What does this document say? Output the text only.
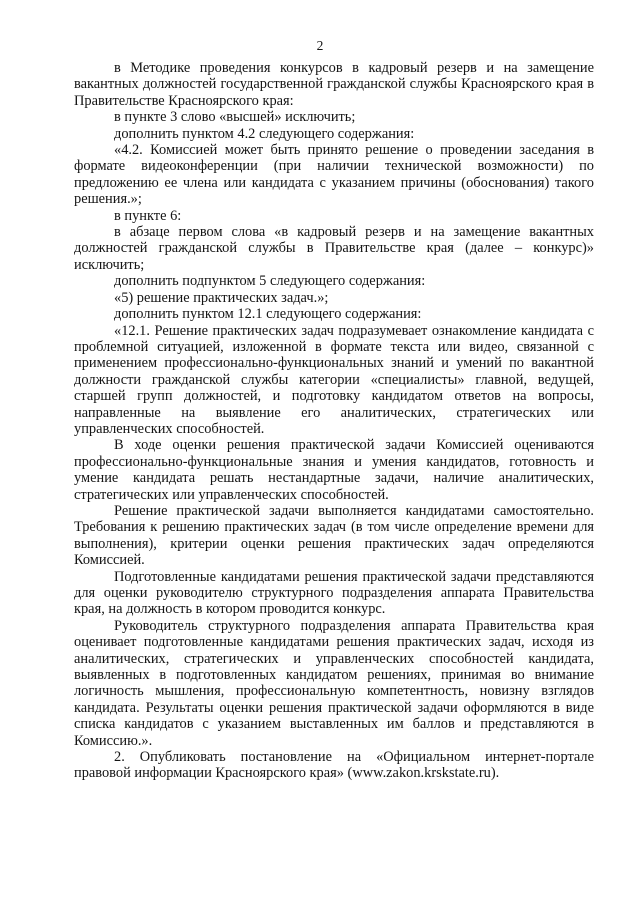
2

в Методике проведения конкурсов в кадровый резерв и на замещение вакантных должностей государственной гражданской службы Красноярского края в Правительстве Красноярского края:

в пункте 3 слово «высшей» исключить;

дополнить пунктом 4.2 следующего содержания:

«4.2. Комиссией может быть принято решение о проведении заседания в формате видеоконференции (при наличии технической возможности) по предложению ее члена или кандидата с указанием причины (обоснования) такого решения.»;

в пункте 6:

в абзаце первом слова «в кадровый резерв и на замещение вакантных должностей гражданской службы в Правительстве края (далее – конкурс)» исключить;

дополнить подпунктом 5 следующего содержания:

«5) решение практических задач.»;

дополнить пунктом 12.1 следующего содержания:

«12.1. Решение практических задач подразумевает ознакомление кандидата с проблемной ситуацией, изложенной в формате текста или видео, связанной с применением профессионально-функциональных знаний и умений по вакантной должности гражданской службы категории «специалисты» главной, ведущей, старшей групп должностей, и подготовку кандидатом ответов на вопросы, направленные на выявление его аналитических, стратегических или управленческих способностей.

В ходе оценки решения практической задачи Комиссией оцениваются профессионально-функциональные знания и умения кандидатов, готовность и умение кандидата решать нестандартные задачи, наличие аналитических, стратегических или управленческих способностей.

Решение практической задачи выполняется кандидатами самостоятельно. Требования к решению практических задач (в том числе определение времени для выполнения), критерии оценки решения практических задач определяются Комиссией.

Подготовленные кандидатами решения практической задачи представляются для оценки руководителю структурного подразделения аппарата Правительства края, на должность в котором проводится конкурс.

Руководитель структурного подразделения аппарата Правительства края оценивает подготовленные кандидатами решения практических задач, исходя из аналитических, стратегических и управленческих способностей кандидата, выявленных в подготовленных кандидатом решениях, принимая во внимание логичность мышления, профессиональную компетентность, новизну взглядов кандидата. Результаты оценки решения практической задачи оформляются в виде списка кандидатов с указанием выставленных им баллов и представляются в Комиссию.».

2. Опубликовать постановление на «Официальном интернет-портале правовой информации Красноярского края» (www.zakon.krskstate.ru).
